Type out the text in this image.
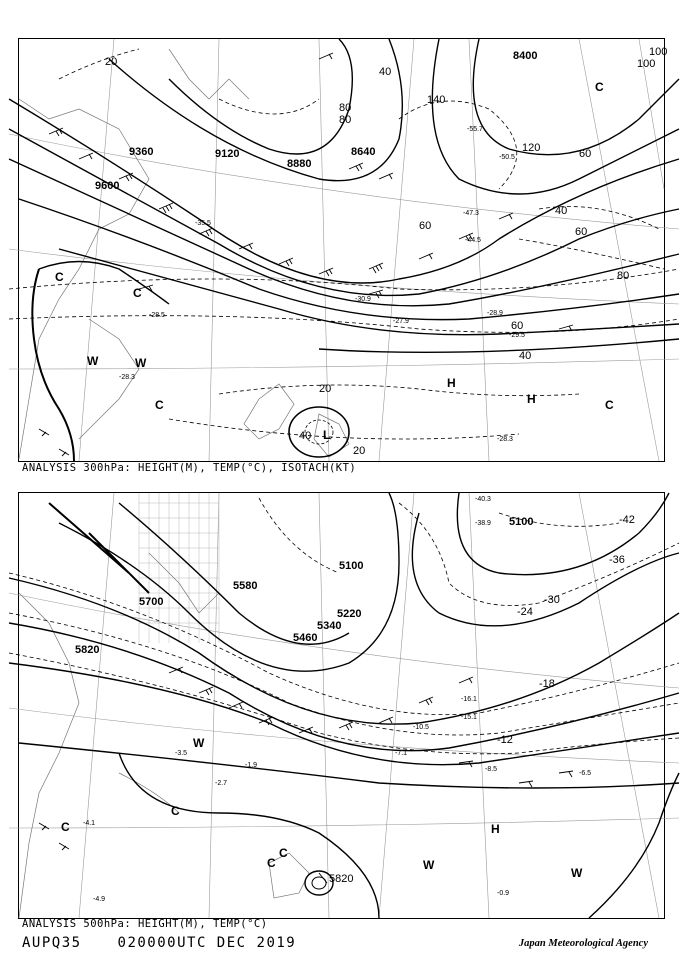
9600
9360	9120
8880
8640
8400
20
40
60
80
100
120
140
40
60
80
60
40
20
20
40
60
80
100
C
C
C
W	W
H
H	C
L
C
-28.3
-27.9
-28.5	-28.9
-29.5
-50.5
-47.3
-55.7
-44.5
-30.9
-35.5
-28.3
ANALYSIS 300hPa: HEIGHT(M), TEMP(°C), ISOTACH(KT)
5820
5700
5580
5460
5340
5220
5100
5100
5820
-42
-36
-30
-24
-18
-12
C
C
C	W
W
H
W
C
-3.5
-2.7
-1.9
-7.1
-10.5
-16.1
-15.1
-8.5
-6.5
-0.9
-4.9
-4.1
-40.3
-38.9
ANALYSIS 500hPa: HEIGHT(M), TEMP(°C)
AUPQ35	020000UTC DEC 2019	Japan Meteorological Agency
